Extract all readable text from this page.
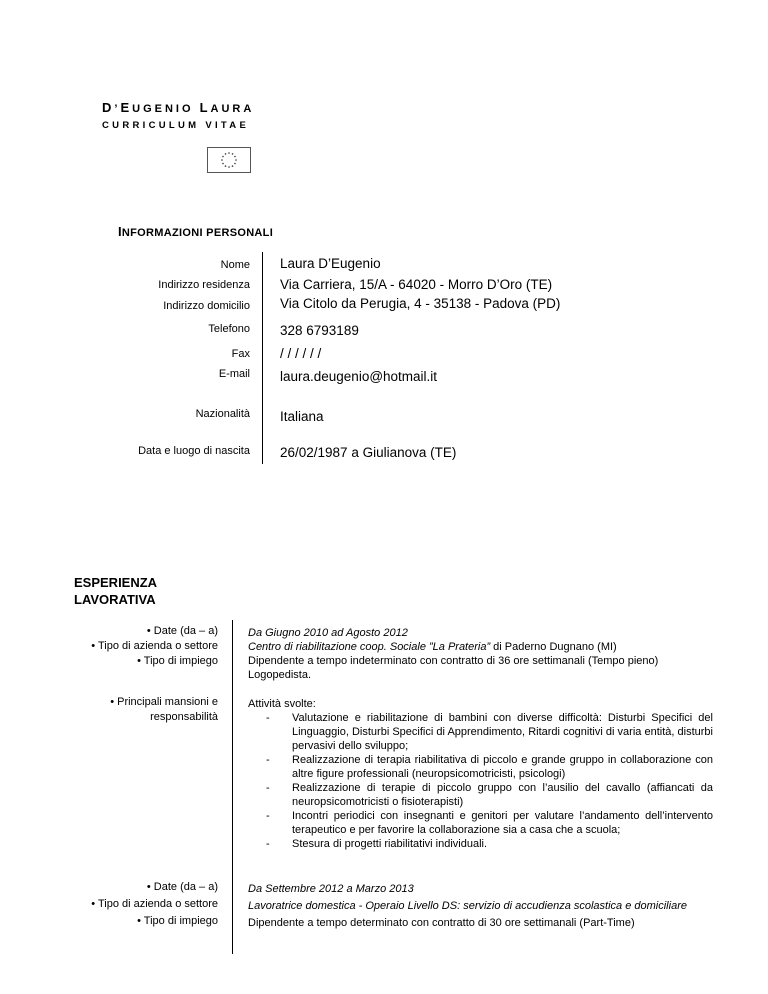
D’EUGENIO LAURA
CURRICULUM VITAE
INFORMAZIONI PERSONALI
Nome Laura D’Eugenio
Indirizzo residenza Via Carriera, 15/A - 64020 - Morro D’Oro (TE)
Indirizzo domicilio Via Citolo da Perugia, 4 - 35138 - Padova (PD)
Telefono 328 6793189
Fax / / / / / /
E-mail laura.deugenio@hotmail.it
Nazionalità Italiana
Data e luogo di nascita 26/02/1987 a Giulianova (TE)
ESPERIENZA
LAVORATIVA
• Date (da – a)
• Tipo di azienda o settore
• Tipo di impiego
• Principali mansioni e
responsabilità

Da Giugno 2010 ad Agosto 2012

Centro di riabilitazione coop. Sociale ”La Prateria” di Paderno Dugnano (MI)

Dipendente a tempo indeterminato con contratto di 36 ore settimanali (Tempo pieno)

Logopedista.

Attività svolte:

- Valutazione e riabilitazione di bambini con diverse difficoltà: Disturbi Specifici del Linguaggio, Disturbi Specifici di Apprendimento, Ritardi cognitivi di varia entità, disturbi pervasivi dello sviluppo;
- Realizzazione di terapia riabilitativa di piccolo e grande gruppo in collaborazione con altre figure professionali (neuropsicomotricisti, psicologi)
- Realizzazione di terapie di piccolo gruppo con l’ausilio del cavallo (affiancati da neuropsicomotricisti o fisioterapisti)
- Incontri periodici con insegnanti e genitori per valutare l’andamento dell’intervento terapeutico e per favorire la collaborazione sia a casa che a scuola;
- Stesura di progetti riabilitativi individuali.
• Date (da – a)
• Tipo di azienda o settore
• Tipo di impiego

Da Settembre 2012 a Marzo 2013

Lavoratrice domestica - Operaio Livello DS: servizio di accudienza scolastica e domiciliare

Dipendente a tempo determinato con contratto di 30 ore settimanali (Part-Time)
